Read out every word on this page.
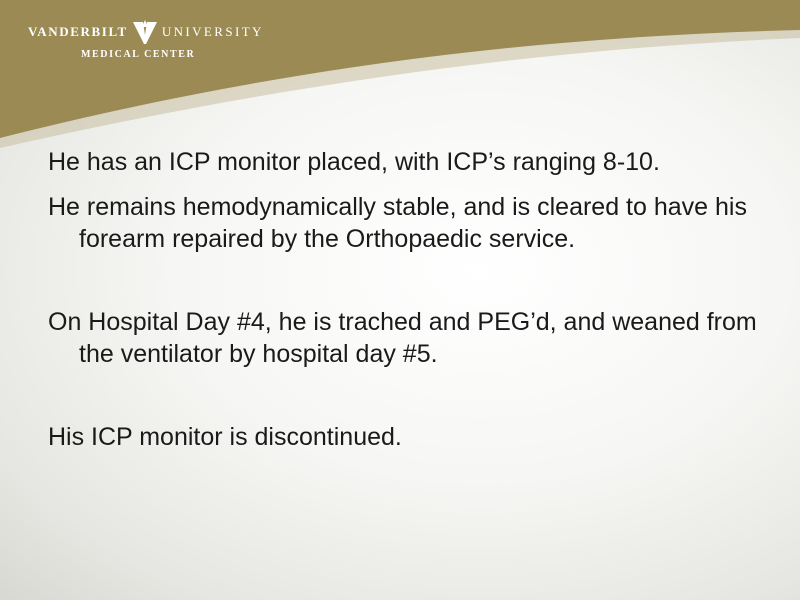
VANDERBILT	UNIVERSITY
MEDICAL CENTER

He has an ICP monitor placed, with ICP’s ranging 8-10.

He remains hemodynamically stable, and is cleared to have his forearm repaired by the Orthopaedic service.

On Hospital Day #4, he is trached and PEG’d, and weaned from the ventilator by hospital day #5.

His ICP monitor is discontinued.
